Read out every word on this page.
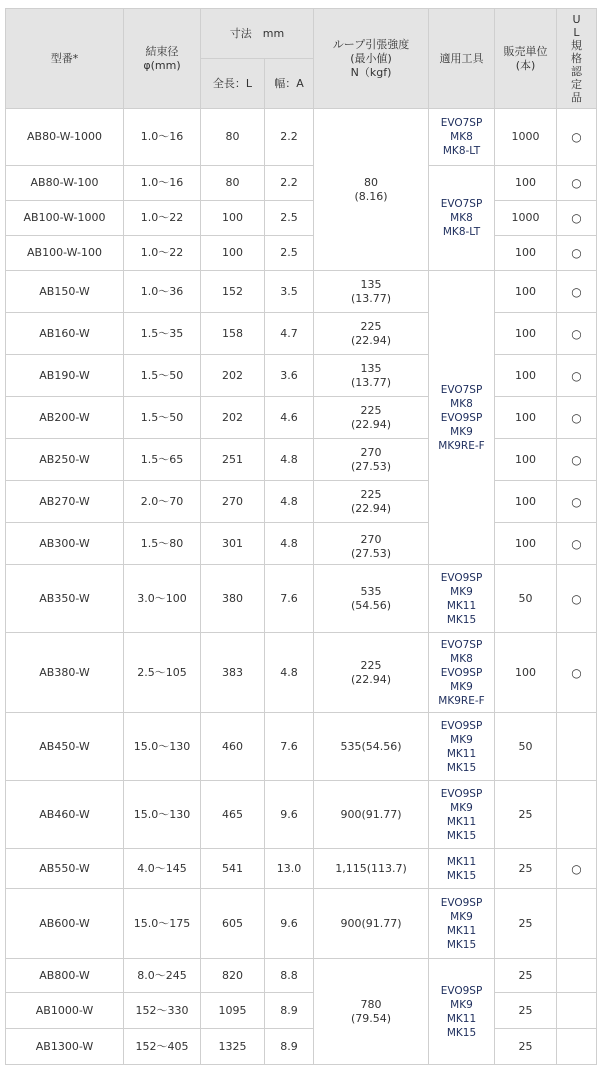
型番*	結束径
φ(mm)	寸法　mm		ループ引張強度
(最小値)
N（kgf)	適用工具	販売単位
(本)	UL規格認定品
		全長：L	幅：A				
AB80-W-1000	1.0～16	80	2.2	80
(8.16)	EVO7SP
MK8
MK8-LT	1000	○
AB80-W-100	1.0～16	80	2.2		EVO7SP
MK8
MK8-LT	100	○
AB100-W-1000	1.0～22	100	2.5			1000	○
AB100-W-100	1.0～22	100	2.5			100	○
AB150-W	1.0～36	152	3.5	135
(13.77)	EVO7SP
MK8
EVO9SP
MK9
MK9RE-F	100	○
AB160-W	1.5～35	158	4.7	225
(22.94)		100	○
AB190-W	1.5～50	202	3.6	135
(13.77)		100	○
AB200-W	1.5～50	202	4.6	225
(22.94)		100	○
AB250-W	1.5～65	251	4.8	270
(27.53)		100	○
AB270-W	2.0～70	270	4.8	225
(22.94)		100	○
AB300-W	1.5～80	301	4.8	270
(27.53)		100	○
AB350-W	3.0～100	380	7.6	535
(54.56)	EVO9SP
MK9
MK11
MK15	50	○
AB380-W	2.5～105	383	4.8	225
(22.94)	EVO7SP
MK8
EVO9SP
MK9
MK9RE-F	100	○
AB450-W	15.0～130	460	7.6	535(54.56)	EVO9SP
MK9
MK11
MK15	50	
AB460-W	15.0～130	465	9.6	900(91.77)	EVO9SP
MK9
MK11
MK15	25	
AB550-W	4.0～145	541	13.0	1,115(113.7)	MK11
MK15	25	○
AB600-W	15.0～175	605	9.6	900(91.77)	EVO9SP
MK9
MK11
MK15	25	
AB800-W	8.0～245	820	8.8	780
(79.54)	EVO9SP
MK9
MK11
MK15	25	
AB1000-W	152～330	1095	8.9			25	
AB1300-W	152～405	1325	8.9			25	
